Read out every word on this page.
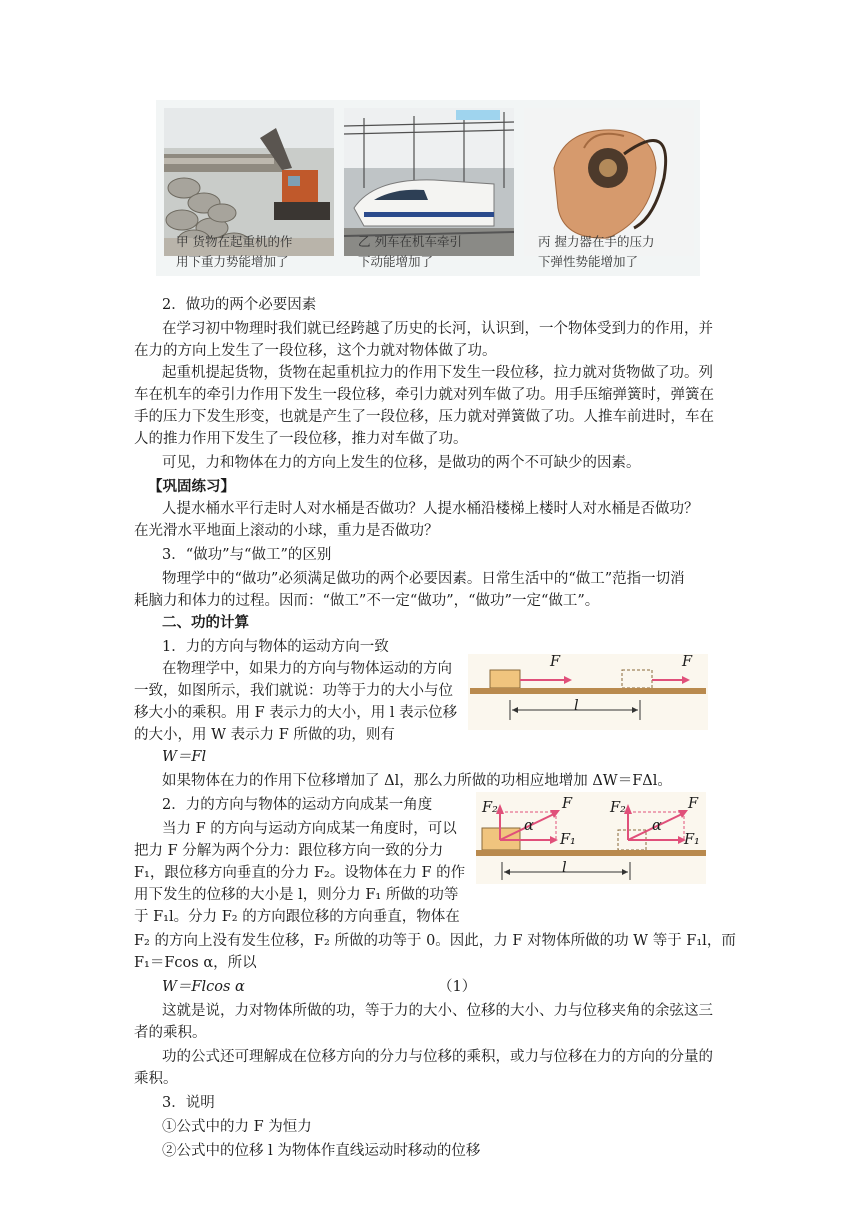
甲 货物在起重机的作
用下重力势能增加了
乙 列车在机车牵引
下动能增加了
丙 握力器在手的压力
下弹性势能增加了
2．做功的两个必要因素
在学习初中物理时我们就已经跨越了历史的长河，认识到，一个物体受到力的作用，并
在力的方向上发生了一段位移，这个力就对物体做了功。
起重机提起货物，货物在起重机拉力的作用下发生一段位移，拉力就对货物做了功。列
车在机车的牵引力作用下发生一段位移，牵引力就对列车做了功。用手压缩弹簧时，弹簧在
手的压力下发生形变，也就是产生了一段位移，压力就对弹簧做了功。人推车前进时，车在
人的推力作用下发生了一段位移，推力对车做了功。
可见，力和物体在力的方向上发生的位移，是做功的两个不可缺少的因素。
【巩固练习】
人提水桶水平行走时人对水桶是否做功？人提水桶沿楼梯上楼时人对水桶是否做功？
在光滑水平地面上滚动的小球，重力是否做功？
3．“做功”与“做工”的区别
物理学中的“做功”必须满足做功的两个必要因素。日常生活中的“做工”范指一切消
耗脑力和体力的过程。因而：“做工”不一定“做功”，“做功”一定“做工”。
二、功的计算
1．力的方向与物体的运动方向一致
在物理学中，如果力的方向与物体运动的方向
一致，如图所示，我们就说：功等于力的大小与位
移大小的乘积。用 F 表示力的大小，用 l 表示位移
的大小，用 W 表示力 F 所做的功，则有
W＝Fl
如果物体在力的作用下位移增加了 Δl，那么力所做的功相应地增加 ΔW＝FΔl。
2．力的方向与物体的运动方向成某一角度
当力 F 的方向与运动方向成某一角度时，可以
把力 F 分解为两个分力：跟位移方向一致的分力
F₁，跟位移方向垂直的分力 F₂。设物体在力 F 的作
用下发生的位移的大小是 l，则分力 F₁ 所做的功等
于 F₁l。分力 F₂ 的方向跟位移的方向垂直，物体在
F₂ 的方向上没有发生位移，F₂ 所做的功等于 0。因此，力 F 对物体所做的功 W 等于 F₁l，而
F₁＝Fcos α，所以
W＝Flcos α	（1）
这就是说，力对物体所做的功，等于力的大小、位移的大小、力与位移夹角的余弦这三
者的乘积。
功的公式还可理解成在位移方向的分力与位移的乘积，或力与位移在力的方向的分量的
乘积。
3．说明
①公式中的力 F 为恒力
②公式中的位移 l 为物体作直线运动时移动的位移
F	F
l
F
F₂
F₁
α
F
F₂
F₁
α
l
